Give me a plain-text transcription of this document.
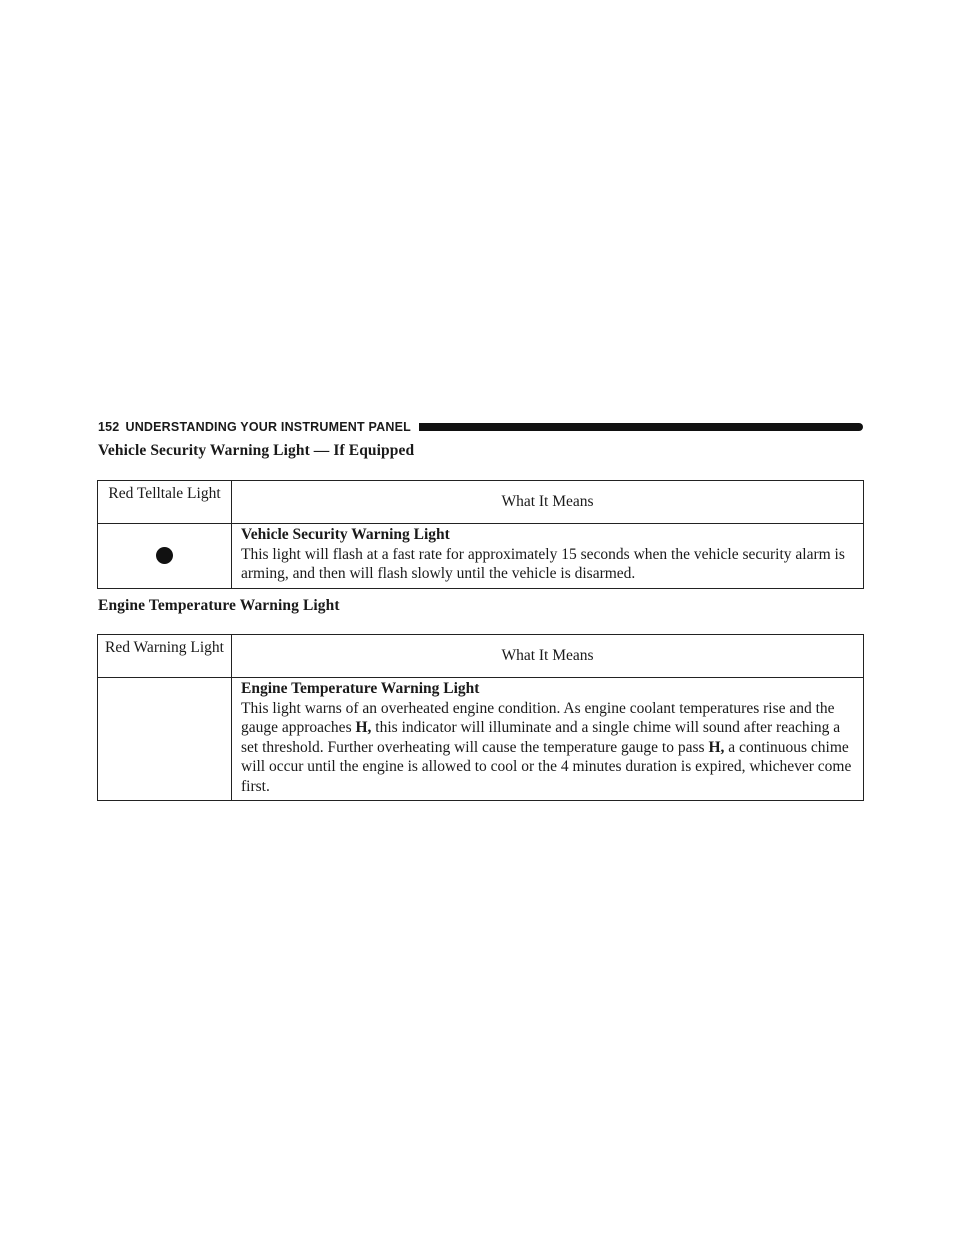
152 UNDERSTANDING YOUR INSTRUMENT PANEL
Vehicle Security Warning Light — If Equipped
Red Telltale Light	What It Means

	Vehicle Security Warning Light
This light will flash at a fast rate for approximately 15 seconds when the vehicle security alarm is arming, and then will flash slowly until the vehicle is disarmed.
Engine Temperature Warning Light
Red Warning Light	What It Means

	Engine Temperature Warning Light
This light warns of an overheated engine condition. As engine coolant temperatures rise and the gauge approaches H, this indicator will illuminate and a single chime will sound after reaching a set threshold. Further overheating will cause the temperature gauge to pass H, a continuous chime will occur until the engine is allowed to cool or the 4 minutes duration is expired, whichever come first.
